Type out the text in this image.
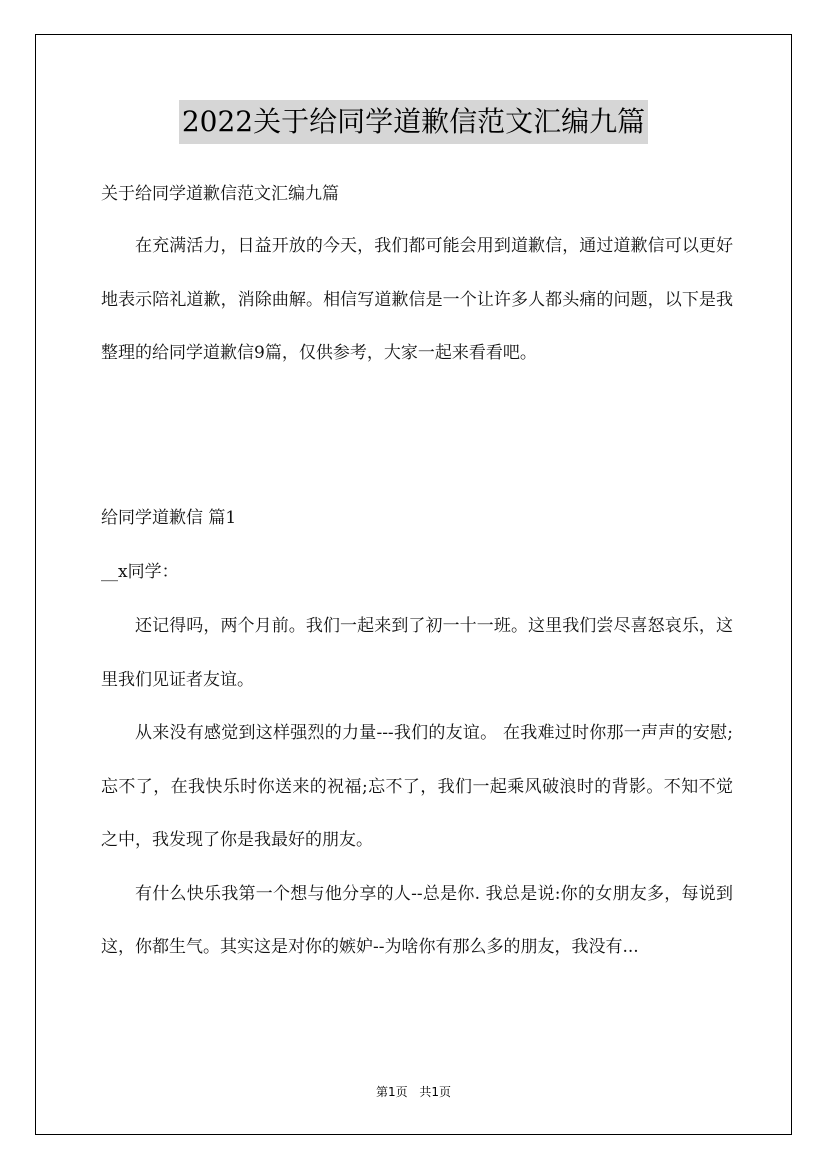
2022关于给同学道歉信范文汇编九篇
关于给同学道歉信范文汇编九篇

在充满活力，日益开放的今天，我们都可能会用到道歉信，通过道歉信可以更好地表示陪礼道歉，消除曲解。相信写道歉信是一个让许多人都头痛的问题，以下是我整理的给同学道歉信9篇，仅供参考，大家一起来看看吧。

给同学道歉信 篇1
__x同学：

还记得吗，两个月前。我们一起来到了初一十一班。这里我们尝尽喜怒哀乐，这里我们见证者友谊。

从来没有感觉到这样强烈的力量---我们的友谊。 在我难过时你那一声声的安慰;忘不了，在我快乐时你送来的祝福;忘不了，我们一起乘风破浪时的背影。不知不觉之中，我发现了你是我最好的朋友。

有什么快乐我第一个想与他分享的人--总是你. 我总是说:你的女朋友多，每说到这，你都生气。其实这是对你的嫉妒--为啥你有那么多的朋友，我没有...

第1页 共1页
